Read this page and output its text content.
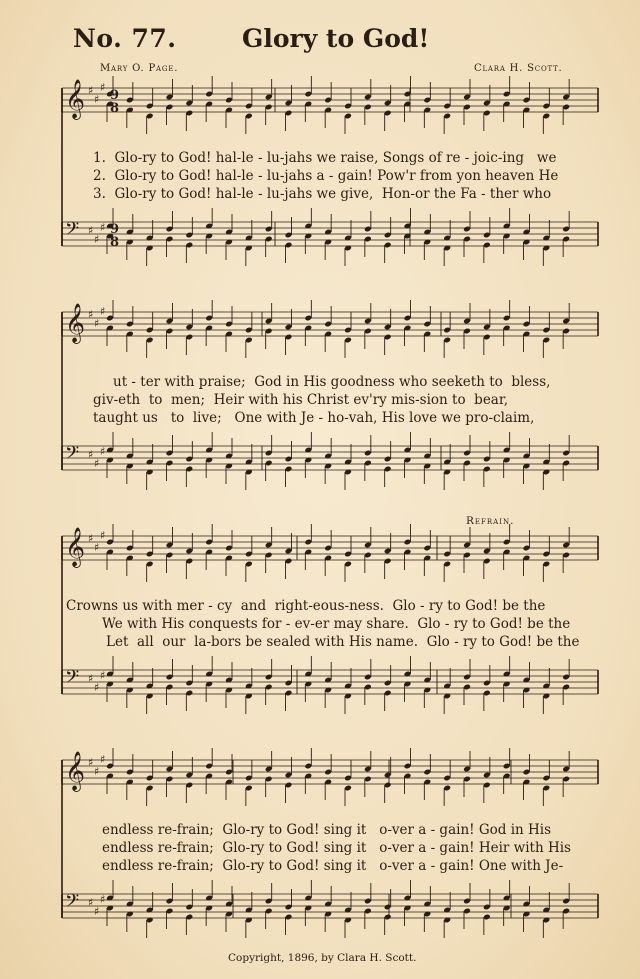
No. 77.	Glory to God!
Mary O. Page.	Clara H. Scott.
𝄞 ♯
♯
♯
𝄢 ♯
♯
♯
𝄞 ♯
♯
♯
𝄢 ♯
♯
♯
𝄞 ♯
♯
♯
𝄢 ♯
♯
♯
𝄞 ♯
♯
♯
𝄢 ♯
♯
♯
9
8
9
8
Refrain.
1.  Glo-ry to God! hal-le - lu-jahs we raise, Songs of re - joic-ing   we
2.  Glo-ry to God! hal-le - lu-jahs a - gain! Pow'r from yon heaven He
3.  Glo-ry to God! hal-le - lu-jahs we give,  Hon-or the Fa - ther who
ut - ter with praise;  God in His goodness who seeketh to  bless,
giv-eth  to  men;  Heir with his Christ ev'ry mis-sion to  bear,
taught us   to  live;   One with Je - ho-vah, His love we pro-claim,
Crowns us with mer - cy  and  right-eous-ness.  Glo - ry to God! be the
We with His conquests for - ev-er may share.  Glo - ry to God! be the
Let  all  our  la-bors be sealed with His name.  Glo - ry to God! be the
endless re-frain;  Glo-ry to God! sing it   o-ver a - gain! God in His
endless re-frain;  Glo-ry to God! sing it   o-ver a - gain! Heir with His
endless re-frain;  Glo-ry to God! sing it   o-ver a - gain! One with Je-
Copyright, 1896, by Clara H. Scott.
